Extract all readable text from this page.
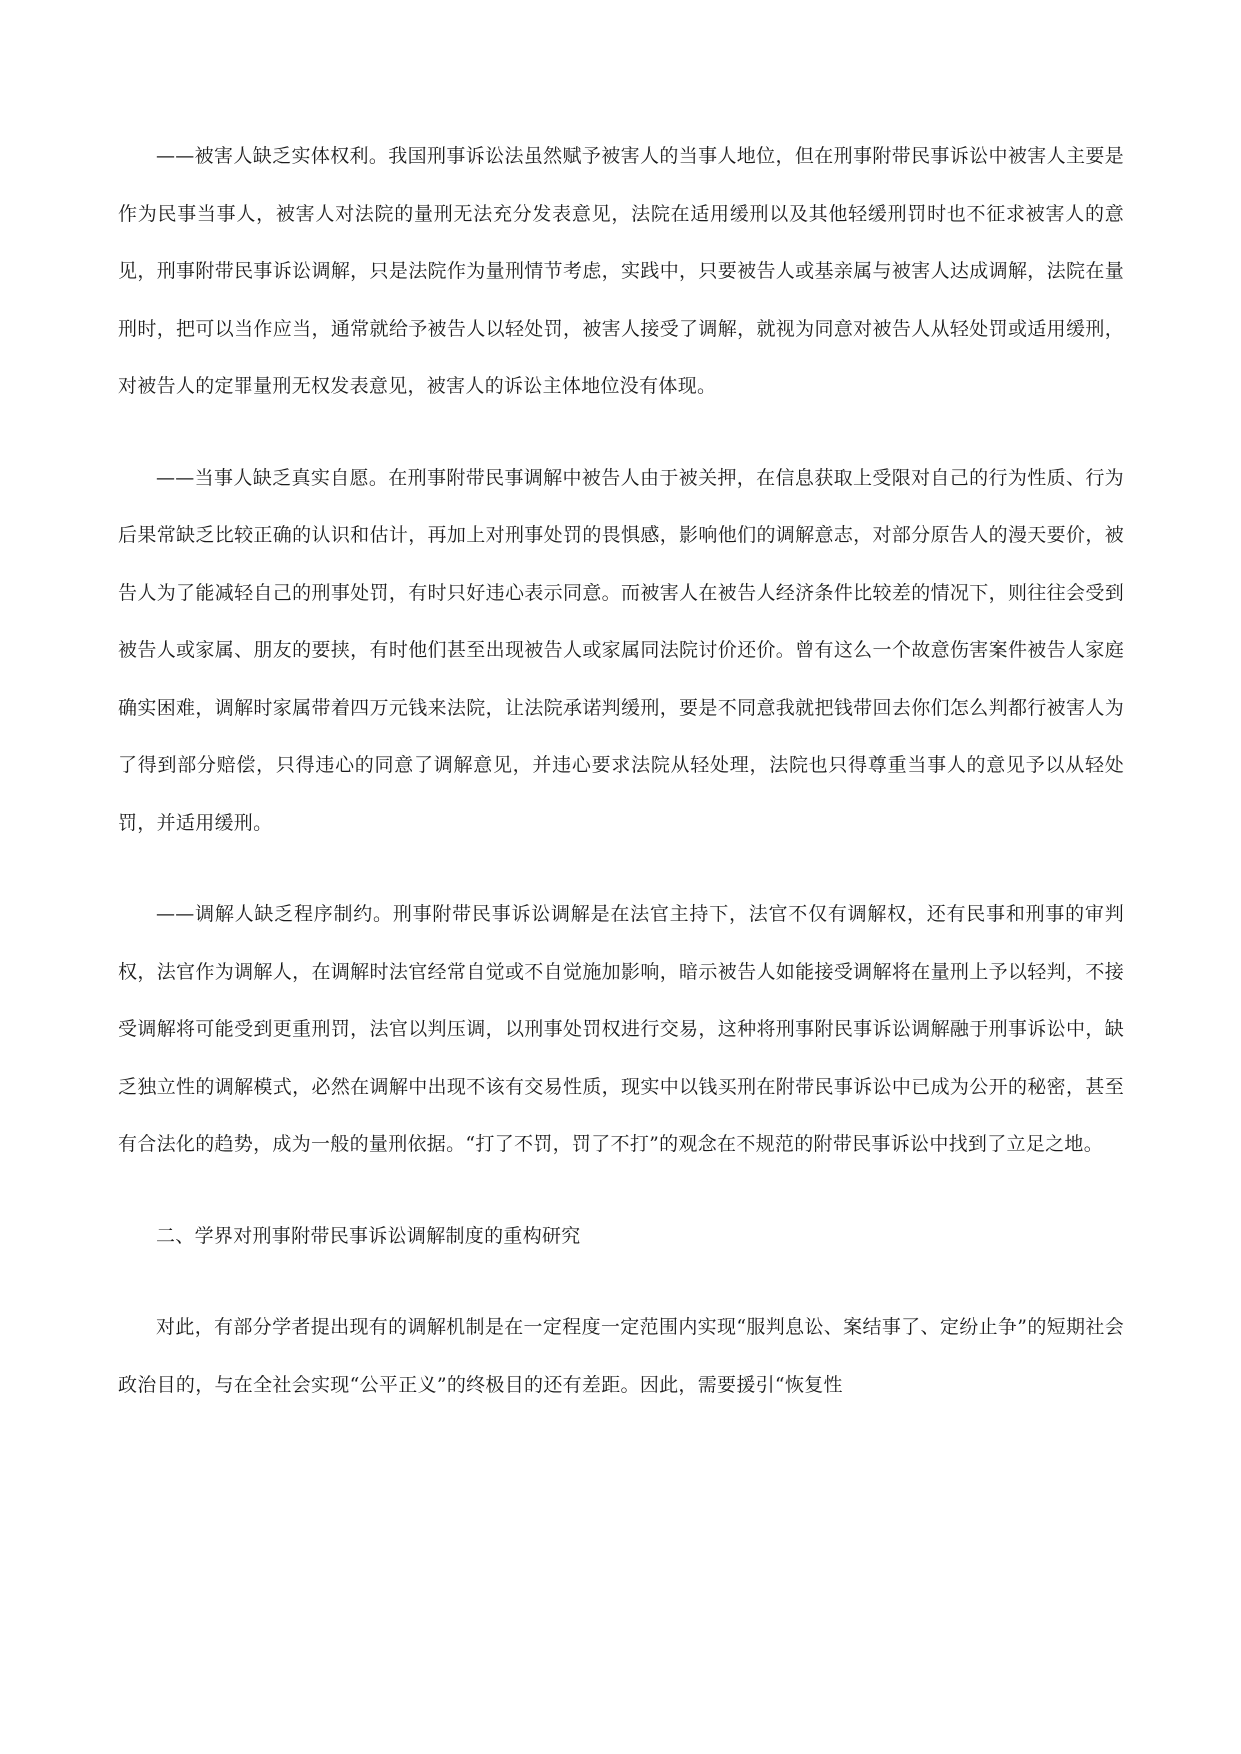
——被害人缺乏实体权利。我国刑事诉讼法虽然赋予被害人的当事人地位，但在刑事附带民事诉讼中被害人主要是作为民事当事人，被害人对法院的量刑无法充分发表意见，法院在适用缓刑以及其他轻缓刑罚时也不征求被害人的意见，刑事附带民事诉讼调解，只是法院作为量刑情节考虑，实践中，只要被告人或基亲属与被害人达成调解，法院在量刑时，把可以当作应当，通常就给予被告人以轻处罚，被害人接受了调解，就视为同意对被告人从轻处罚或适用缓刑，对被告人的定罪量刑无权发表意见，被害人的诉讼主体地位没有体现。

——当事人缺乏真实自愿。在刑事附带民事调解中被告人由于被关押，在信息获取上受限对自己的行为性质、行为后果常缺乏比较正确的认识和估计，再加上对刑事处罚的畏惧感，影响他们的调解意志，对部分原告人的漫天要价，被告人为了能减轻自己的刑事处罚，有时只好违心表示同意。而被害人在被告人经济条件比较差的情况下，则往往会受到被告人或家属、朋友的要挟，有时他们甚至出现被告人或家属同法院讨价还价。曾有这么一个故意伤害案件被告人家庭确实困难，调解时家属带着四万元钱来法院，让法院承诺判缓刑，要是不同意我就把钱带回去你们怎么判都行被害人为了得到部分赔偿，只得违心的同意了调解意见，并违心要求法院从轻处理，法院也只得尊重当事人的意见予以从轻处罚，并适用缓刑。

——调解人缺乏程序制约。刑事附带民事诉讼调解是在法官主持下，法官不仅有调解权，还有民事和刑事的审判权，法官作为调解人，在调解时法官经常自觉或不自觉施加影响，暗示被告人如能接受调解将在量刑上予以轻判，不接受调解将可能受到更重刑罚，法官以判压调，以刑事处罚权进行交易，这种将刑事附民事诉讼调解融于刑事诉讼中，缺乏独立性的调解模式，必然在调解中出现不该有交易性质，现实中以钱买刑在附带民事诉讼中已成为公开的秘密，甚至有合法化的趋势，成为一般的量刑依据。“打了不罚，罚了不打”的观念在不规范的附带民事诉讼中找到了立足之地。

二、学界对刑事附带民事诉讼调解制度的重构研究

对此，有部分学者提出现有的调解机制是在一定程度一定范围内实现“服判息讼、案结事了、定纷止争”的短期社会政治目的，与在全社会实现“公平正义”的终极目的还有差距。因此，需要援引“恢复性
